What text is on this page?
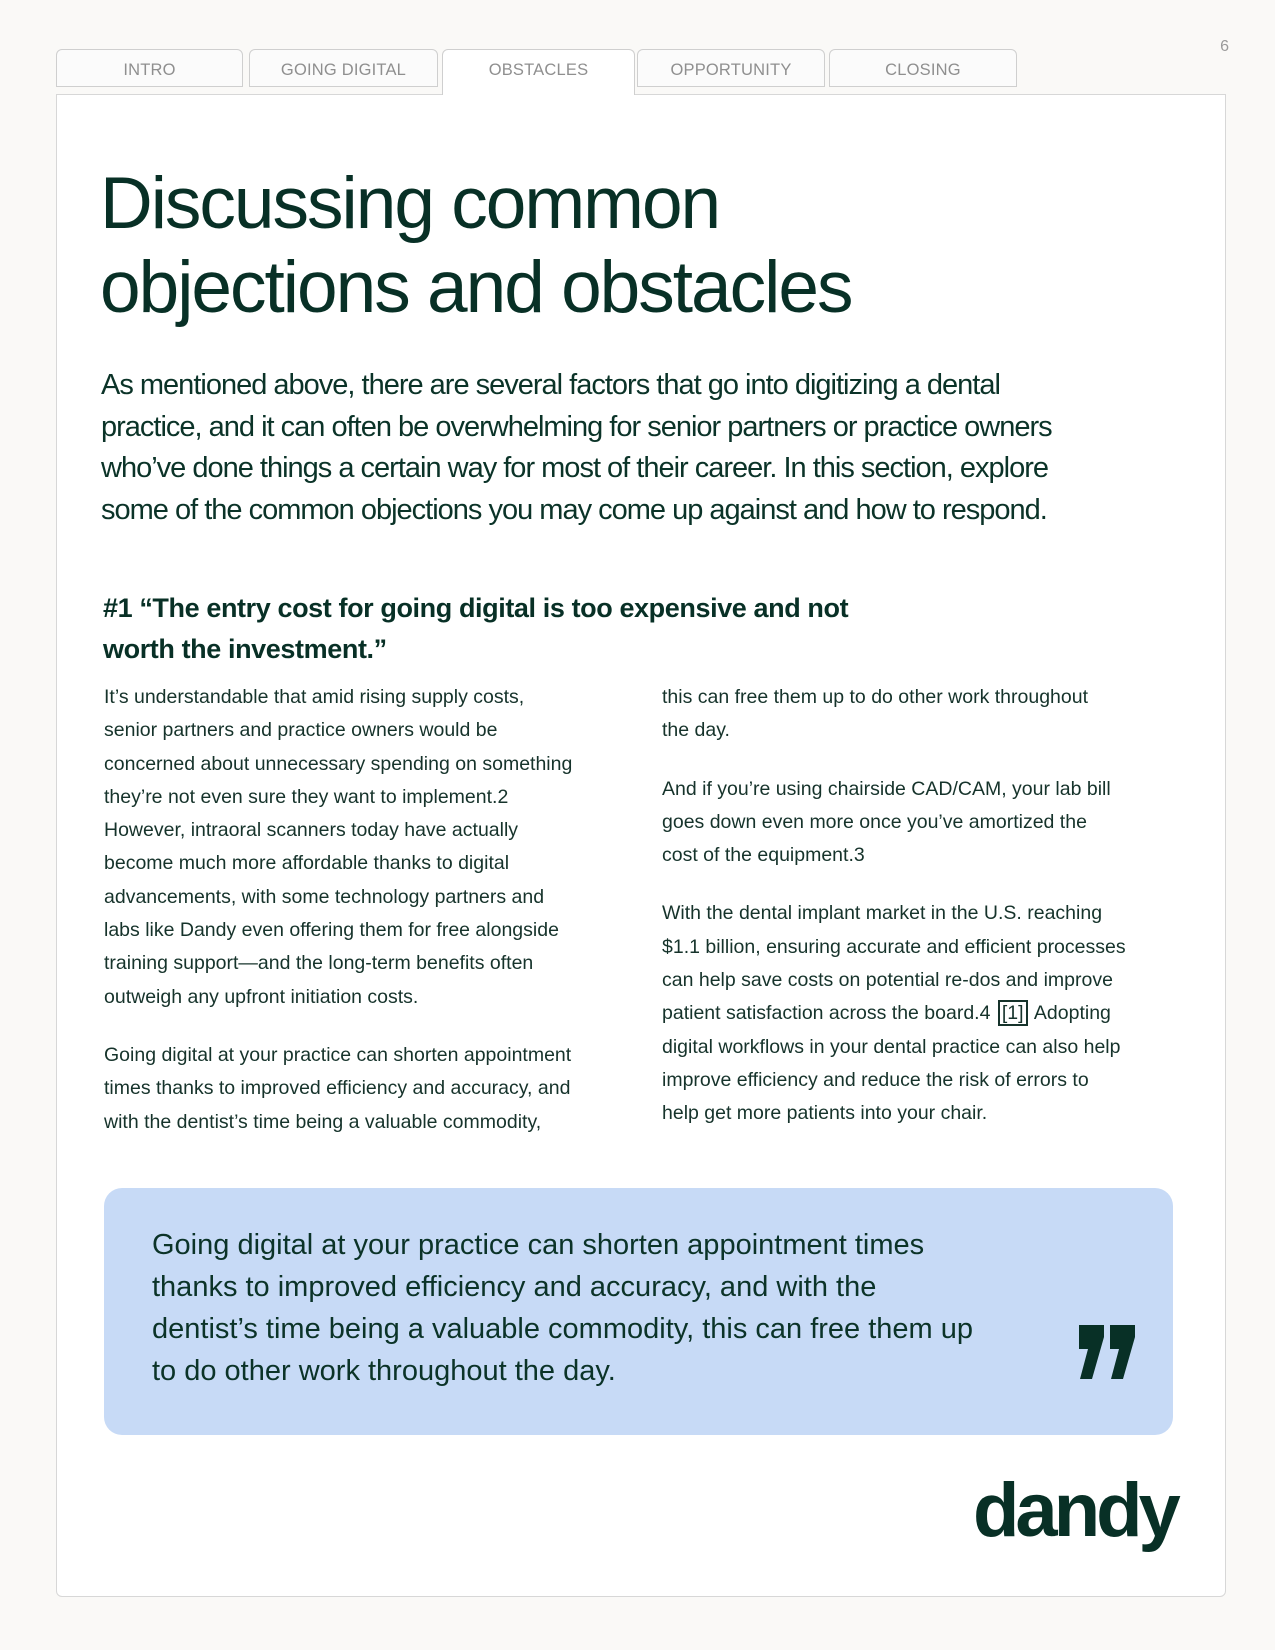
6
INTRO	GOING DIGITAL	OBSTACLES	OPPORTUNITY	CLOSING
Discussing common
objections and obstacles

As mentioned above, there are several factors that go into digitizing a dental
practice, and it can often be overwhelming for senior partners or practice owners
who’ve done things a certain way for most of their career. In this section, explore
some of the common objections you may come up against and how to respond.

#1 “The entry cost for going digital is too expensive and not
worth the investment.”

It’s understandable that amid rising supply costs,
senior partners and practice owners would be
concerned about unnecessary spending on something
they’re not even sure they want to implement.2
However, intraoral scanners today have actually
become much more affordable thanks to digital
advancements, with some technology partners and
labs like Dandy even offering them for free alongside
training support—and the long-term benefits often
outweigh any upfront initiation costs.

Going digital at your practice can shorten appointment
times thanks to improved efficiency and accuracy, and
with the dentist’s time being a valuable commodity,

this can free them up to do other work throughout
the day.

And if you’re using chairside CAD/CAM, your lab bill
goes down even more once you’ve amortized the
cost of the equipment.3

With the dental implant market in the U.S. reaching
$1.1 billion, ensuring accurate and efficient processes
can help save costs on potential re-dos and improve
patient satisfaction across the board.4 [1] Adopting
digital workflows in your dental practice can also help
improve efficiency and reduce the risk of errors to
help get more patients into your chair.

Going digital at your practice can shorten appointment times
thanks to improved efficiency and accuracy, and with the
dentist’s time being a valuable commodity, this can free them up
to do other work throughout the day.

dandy
